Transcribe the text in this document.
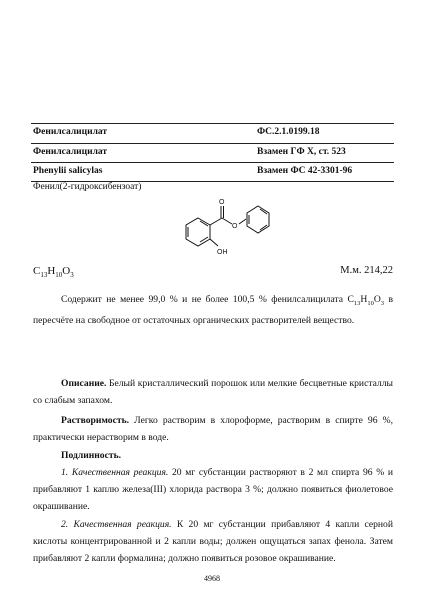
Фенилсалицилат	ФС.2.1.0199.18
Фенилсалицилат	Взамен ГФ X, ст. 523
Phenylii salicylas	Взамен ФС 42-3301-96
Фенил(2-гидроксибензоат)
O
O
OH
$C_{13}H_{10}O_3$	М.м. 214,22
Содержит не менее 99,0 % и не более 100,5 % фенилсалицилата $C_{13}H_{10}O_3$ в пересчёте на свободное от остаточных органических растворителей вещество.
Описание. Белый кристаллический порошок или мелкие бесцветные кристаллы со слабым запахом.
Растворимость. Легко растворим в хлороформе, растворим в спирте 96 %, практически нерастворим в воде.
Подлинность.
1. Качественная реакция. 20 мг субстанции растворяют в 2 мл спирта 96 % и прибавляют 1 каплю железа(III) хлорида раствора 3 %; должно появиться фиолетовое окрашивание.
2. Качественная реакция. К 20 мг субстанции прибавляют 4 капли серной кислоты концентрированной и 2 капли воды; должен ощущаться запах фенола. Затем прибавляют 2 капли формалина; должно появиться розовое окрашивание.
4968
